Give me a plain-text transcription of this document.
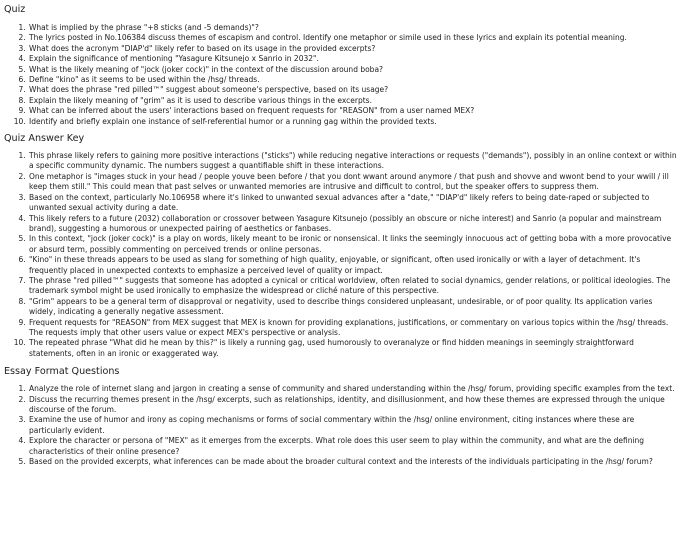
Quiz
1. What is implied by the phrase "+8 sticks (and -5 demands)"?
2. The lyrics posted in No.106384 discuss themes of escapism and control. Identify one metaphor or simile used in these lyrics and explain its potential meaning.
3. What does the acronym "DIAP'd" likely refer to based on its usage in the provided excerpts?
4. Explain the significance of mentioning "Yasagure Kitsunejo x Sanrio in 2032".
5. What is the likely meaning of "jock (joker cock)" in the context of the discussion around boba?
6. Define "kino" as it seems to be used within the /hsg/ threads.
7. What does the phrase "red pilled™" suggest about someone's perspective, based on its usage?
8. Explain the likely meaning of "grim" as it is used to describe various things in the excerpts.
9. What can be inferred about the users' interactions based on frequent requests for "REASON" from a user named MEX?
10. Identify and briefly explain one instance of self-referential humor or a running gag within the provided texts.
Quiz Answer Key
1. This phrase likely refers to gaining more positive interactions ("sticks") while reducing negative interactions or requests ("demands"), possibly in an online context or within a specific community dynamic. The numbers suggest a quantifiable shift in these interactions.
2. One metaphor is "images stuck in your head / people youve been before / that you dont wwant around anymore / that push and shovve and wwont bend to your wwill / ill keep them still." This could mean that past selves or unwanted memories are intrusive and difficult to control, but the speaker offers to suppress them.
3. Based on the context, particularly No.106958 where it's linked to unwanted sexual advances after a "date," "DIAP'd" likely refers to being date-raped or subjected to unwanted sexual activity during a date.
4. This likely refers to a future (2032) collaboration or crossover between Yasagure Kitsunejo (possibly an obscure or niche interest) and Sanrio (a popular and mainstream brand), suggesting a humorous or unexpected pairing of aesthetics or fanbases.
5. In this context, "jock (joker cock)" is a play on words, likely meant to be ironic or nonsensical. It links the seemingly innocuous act of getting boba with a more provocative or absurd term, possibly commenting on perceived trends or online personas.
6. "Kino" in these threads appears to be used as slang for something of high quality, enjoyable, or significant, often used ironically or with a layer of detachment. It's frequently placed in unexpected contexts to emphasize a perceived level of quality or impact.
7. The phrase "red pilled™" suggests that someone has adopted a cynical or critical worldview, often related to social dynamics, gender relations, or political ideologies. The trademark symbol might be used ironically to emphasize the widespread or cliché nature of this perspective.
8. "Grim" appears to be a general term of disapproval or negativity, used to describe things considered unpleasant, undesirable, or of poor quality. Its application varies widely, indicating a generally negative assessment.
9. Frequent requests for "REASON" from MEX suggest that MEX is known for providing explanations, justifications, or commentary on various topics within the /hsg/ threads. The requests imply that other users value or expect MEX's perspective or analysis.
10. The repeated phrase "What did he mean by this?" is likely a running gag, used humorously to overanalyze or find hidden meanings in seemingly straightforward statements, often in an ironic or exaggerated way.
Essay Format Questions
1. Analyze the role of internet slang and jargon in creating a sense of community and shared understanding within the /hsg/ forum, providing specific examples from the text.
2. Discuss the recurring themes present in the /hsg/ excerpts, such as relationships, identity, and disillusionment, and how these themes are expressed through the unique discourse of the forum.
3. Examine the use of humor and irony as coping mechanisms or forms of social commentary within the /hsg/ online environment, citing instances where these are particularly evident.
4. Explore the character or persona of "MEX" as it emerges from the excerpts. What role does this user seem to play within the community, and what are the defining characteristics of their online presence?
5. Based on the provided excerpts, what inferences can be made about the broader cultural context and the interests of the individuals participating in the /hsg/ forum?
